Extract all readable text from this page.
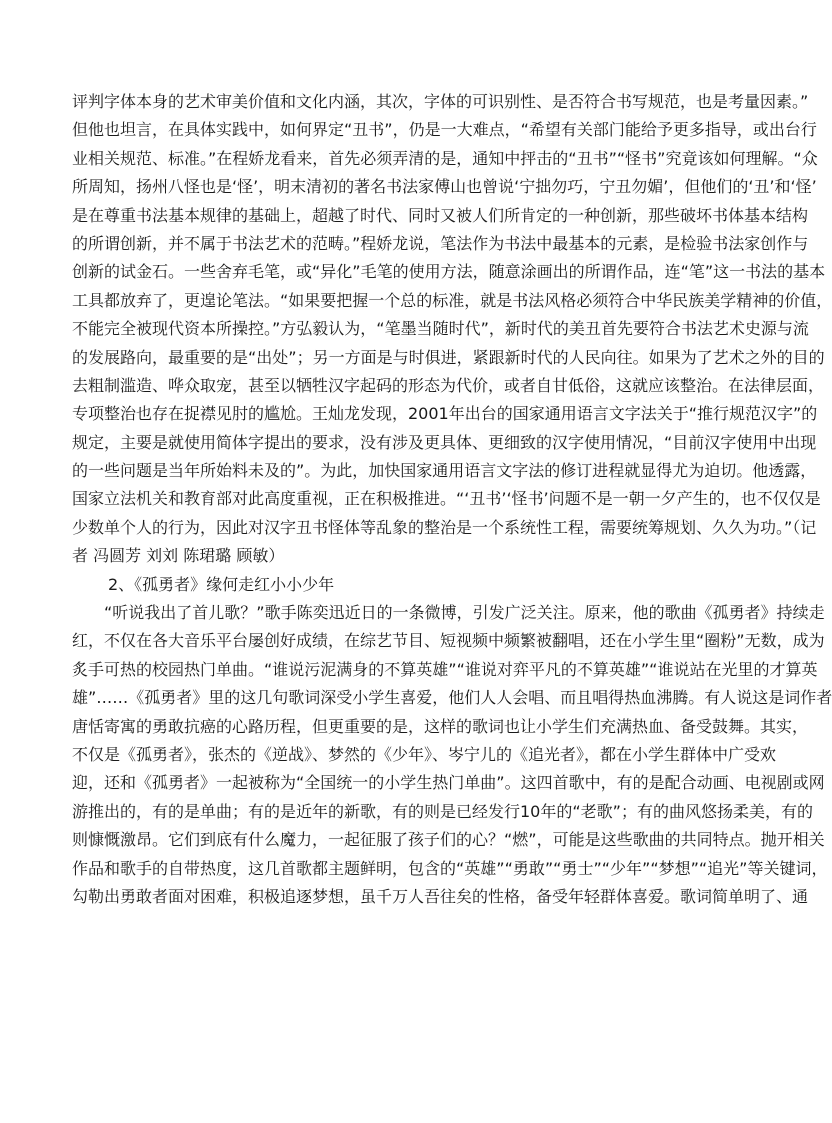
评判字体本身的艺术审美价值和文化内涵，其次，字体的可识别性、是否符合书写规范，也是考量因素。”
但他也坦言，在具体实践中，如何界定“丑书”，仍是一大难点，“希望有关部门能给予更多指导，或出台行
业相关规范、标准。”在程娇龙看来，首先必须弄清的是，通知中抨击的“丑书”“怪书”究竟该如何理解。“众
所周知，扬州八怪也是‘怪’，明末清初的著名书法家傅山也曾说‘宁拙勿巧，宁丑勿媚’，但他们的‘丑’和‘怪’
是在尊重书法基本规律的基础上，超越了时代、同时又被人们所肯定的一种创新，那些破坏书体基本结构
的所谓创新，并不属于书法艺术的范畴。”程娇龙说，笔法作为书法中最基本的元素，是检验书法家创作与
创新的试金石。一些舍弃毛笔，或“异化”毛笔的使用方法，随意涂画出的所谓作品，连“笔”这一书法的基本
工具都放弃了，更遑论笔法。“如果要把握一个总的标准，就是书法风格必须符合中华民族美学精神的价值，
不能完全被现代资本所操控。”方弘毅认为，“笔墨当随时代”，新时代的美丑首先要符合书法艺术史源与流
的发展路向，最重要的是“出处”；另一方面是与时俱进，紧跟新时代的人民向往。如果为了艺术之外的目的
去粗制滥造、哗众取宠，甚至以牺牲汉字起码的形态为代价，或者自甘低俗，这就应该整治。在法律层面，
专项整治也存在捉襟见肘的尴尬。王灿龙发现，2001年出台的国家通用语言文字法关于“推行规范汉字”的
规定，主要是就使用简体字提出的要求，没有涉及更具体、更细致的汉字使用情况，“目前汉字使用中出现
的一些问题是当年所始料未及的”。为此，加快国家通用语言文字法的修订进程就显得尤为迫切。他透露，
国家立法机关和教育部对此高度重视，正在积极推进。“‘丑书’‘怪书’问题不是一朝一夕产生的，也不仅仅是
少数单个人的行为，因此对汉字丑书怪体等乱象的整治是一个系统性工程，需要统筹规划、久久为功。”（记
者 冯圆芳 刘刘 陈珺璐 顾敏）
2、《孤勇者》缘何走红小小少年
“听说我出了首儿歌？”歌手陈奕迅近日的一条微博，引发广泛关注。原来，他的歌曲《孤勇者》持续走
红，不仅在各大音乐平台屡创好成绩，在综艺节目、短视频中频繁被翻唱，还在小学生里“圈粉”无数，成为
炙手可热的校园热门单曲。“谁说污泥满身的不算英雄”“谁说对弈平凡的不算英雄”“谁说站在光里的才算英
雄”……《孤勇者》里的这几句歌词深受小学生喜爱，他们人人会唱、而且唱得热血沸腾。有人说这是词作者
唐恬寄寓的勇敢抗癌的心路历程，但更重要的是，这样的歌词也让小学生们充满热血、备受鼓舞。其实，
不仅是《孤勇者》，张杰的《逆战》、梦然的《少年》、岑宁儿的《追光者》，都在小学生群体中广受欢
迎，还和《孤勇者》一起被称为“全国统一的小学生热门单曲”。这四首歌中，有的是配合动画、电视剧或网
游推出的，有的是单曲；有的是近年的新歌，有的则是已经发行10年的“老歌”；有的曲风悠扬柔美，有的
则慷慨激昂。它们到底有什么魔力，一起征服了孩子们的心？“燃”，可能是这些歌曲的共同特点。抛开相关
作品和歌手的自带热度，这几首歌都主题鲜明，包含的“英雄”“勇敢”“勇士”“少年”“梦想”“追光”等关键词，
勾勒出勇敢者面对困难，积极追逐梦想，虽千万人吾往矣的性格，备受年轻群体喜爱。歌词简单明了、通
